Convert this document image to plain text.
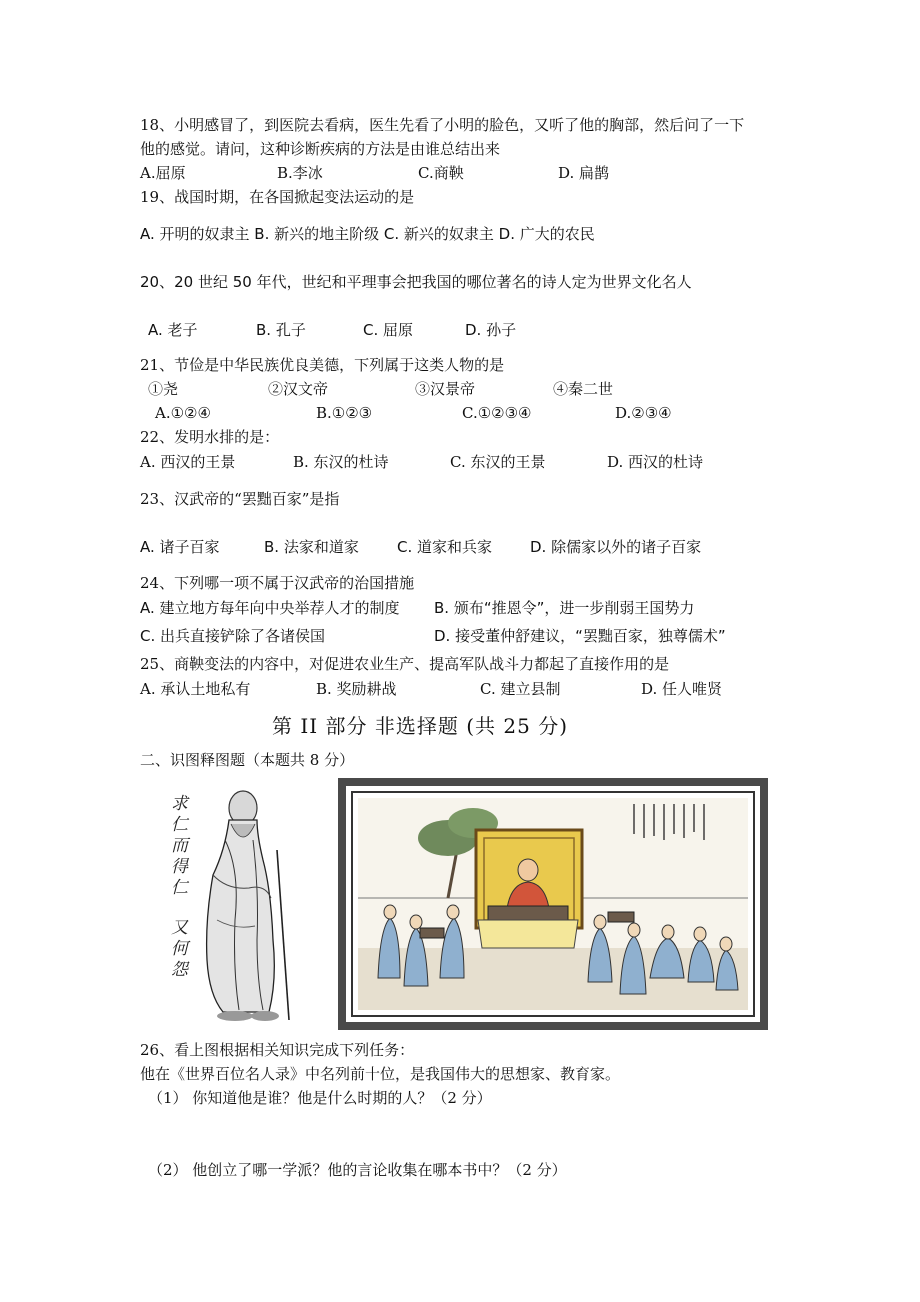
18、小明感冒了，到医院去看病，医生先看了小明的脸色，又听了他的胸部，然后问了一下
他的感觉。请问，这种诊断疾病的方法是由谁总结出来
A.屈原	B.李冰	C.商鞅	D. 扁鹊
19、战国时期，在各国掀起变法运动的是
A. 开明的奴隶主 B. 新兴的地主阶级 C. 新兴的奴隶主 D. 广大的农民
20、20 世纪 50 年代，世纪和平理事会把我国的哪位著名的诗人定为世界文化名人
A. 老子	B. 孔子	C. 屈原	D. 孙子
21、节俭是中华民族优良美德，下列属于这类人物的是
①尧	②汉文帝	③汉景帝	④秦二世
A.①②④	B.①②③	C.①②③④	D.②③④
22、发明水排的是：
A. 西汉的王景	B. 东汉的杜诗	C. 东汉的王景	D. 西汉的杜诗
23、汉武帝的“罢黜百家”是指
A. 诸子百家	B. 法家和道家	C. 道家和兵家	D. 除儒家以外的诸子百家
24、下列哪一项不属于汉武帝的治国措施
A. 建立地方每年向中央举荐人才的制度 B. 颁布“推恩令”，进一步削弱王国势力
C. 出兵直接铲除了各诸侯国	D. 接受董仲舒建议，“罢黜百家，独尊儒术”
25、商鞅变法的内容中，对促进农业生产、提高军队战斗力都起了直接作用的是
A. 承认土地私有	B. 奖励耕战	C. 建立县制	D. 任人唯贤
第 II 部分 非选择题 (共 25 分)
二、识图释图题（本题共 8 分）
求仁而得仁
又何怨
26、看上图根据相关知识完成下列任务：
他在《世界百位名人录》中名列前十位，是我国伟大的思想家、教育家。
（1） 你知道他是谁？他是什么时期的人？（2 分）
（2） 他创立了哪一学派？他的言论收集在哪本书中？（2 分）
